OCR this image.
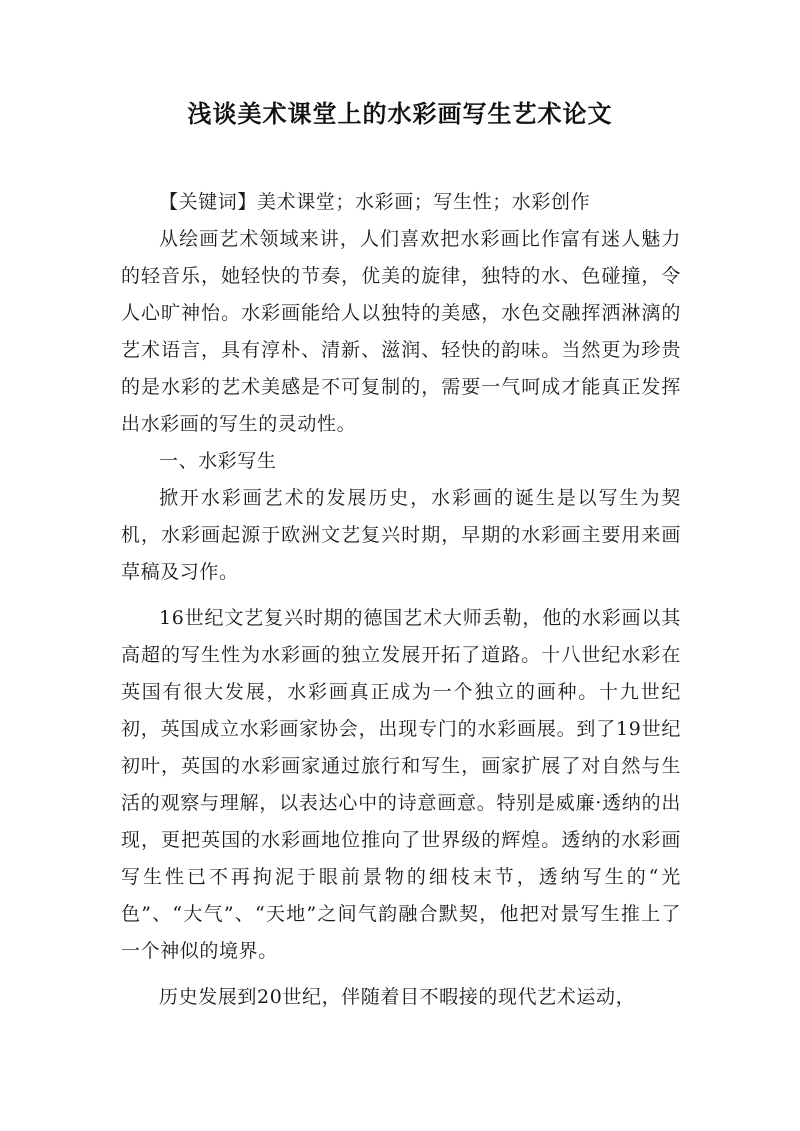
浅谈美术课堂上的水彩画写生艺术论文

【关键词】美术课堂；水彩画；写生性；水彩创作

从绘画艺术领域来讲，人们喜欢把水彩画比作富有迷人魅力的轻音乐，她轻快的节奏，优美的旋律，独特的水、色碰撞，令人心旷神怡。水彩画能给人以独特的美感，水色交融挥洒淋漓的艺术语言，具有淳朴、清新、滋润、轻快的韵味。当然更为珍贵的是水彩的艺术美感是不可复制的，需要一气呵成才能真正发挥出水彩画的写生的灵动性。

一、水彩写生

掀开水彩画艺术的发展历史，水彩画的诞生是以写生为契机，水彩画起源于欧洲文艺复兴时期，早期的水彩画主要用来画草稿及习作。

16世纪文艺复兴时期的德国艺术大师丢勒，他的水彩画以其高超的写生性为水彩画的独立发展开拓了道路。十八世纪水彩在英国有很大发展，水彩画真正成为一个独立的画种。十九世纪初，英国成立水彩画家协会，出现专门的水彩画展。到了19世纪初叶，英国的水彩画家通过旅行和写生，画家扩展了对自然与生活的观察与理解，以表达心中的诗意画意。特别是威廉·透纳的出现，更把英国的水彩画地位推向了世界级的辉煌。透纳的水彩画写生性已不再拘泥于眼前景物的细枝末节，透纳写生的“光色”、“大气”、“天地”之间气韵融合默契，他把对景写生推上了一个神似的境界。

历史发展到20世纪，伴随着目不暇接的现代艺术运动，
